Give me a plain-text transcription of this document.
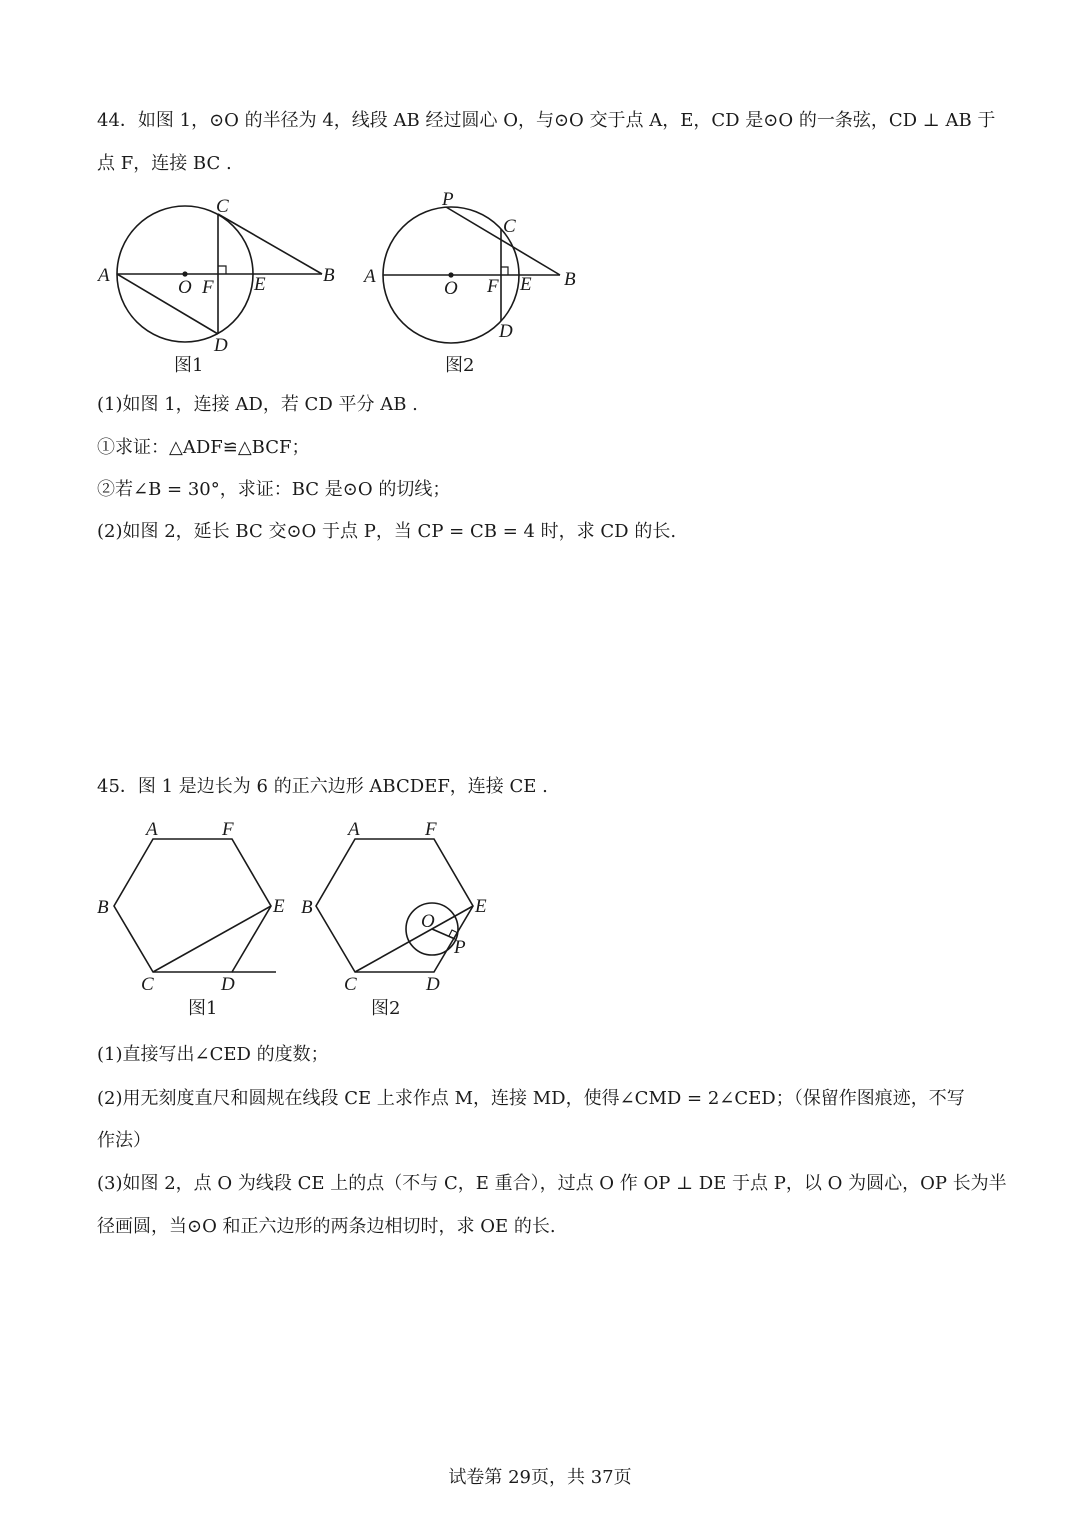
44．如图 1，⊙O 的半径为 4，线段 AB 经过圆心 O，与⊙O 交于点 A，E，CD 是⊙O 的一条弦，CD ⊥ AB 于
点 F，连接 BC .
A
O F E	B
C
D
图1
P
C
A
O F E B
D
图2
(1)如图 1，连接 AD，若 CD 平分 AB .
①求证：△ADF≌△BCF；
②若∠B = 30°，求证：BC 是⊙O 的切线；
(2)如图 2，延长 BC 交⊙O 于点 P，当 CP = CB = 4 时，求 CD 的长.
45．图 1 是边长为 6 的正六边形 ABCDEF，连接 CE .
A	F
B	E
C	D
图1
A	F
B	E
O
P
C	D
图2
(1)直接写出∠CED 的度数；
(2)用无刻度直尺和圆规在线段 CE 上求作点 M，连接 MD，使得∠CMD = 2∠CED；（保留作图痕迹，不写
作法）
(3)如图 2，点 O 为线段 CE 上的点（不与 C，E 重合），过点 O 作 OP ⊥ DE 于点 P，以 O 为圆心，OP 长为半
径画圆，当⊙O 和正六边形的两条边相切时，求 OE 的长.
试卷第 29页，共 37页
